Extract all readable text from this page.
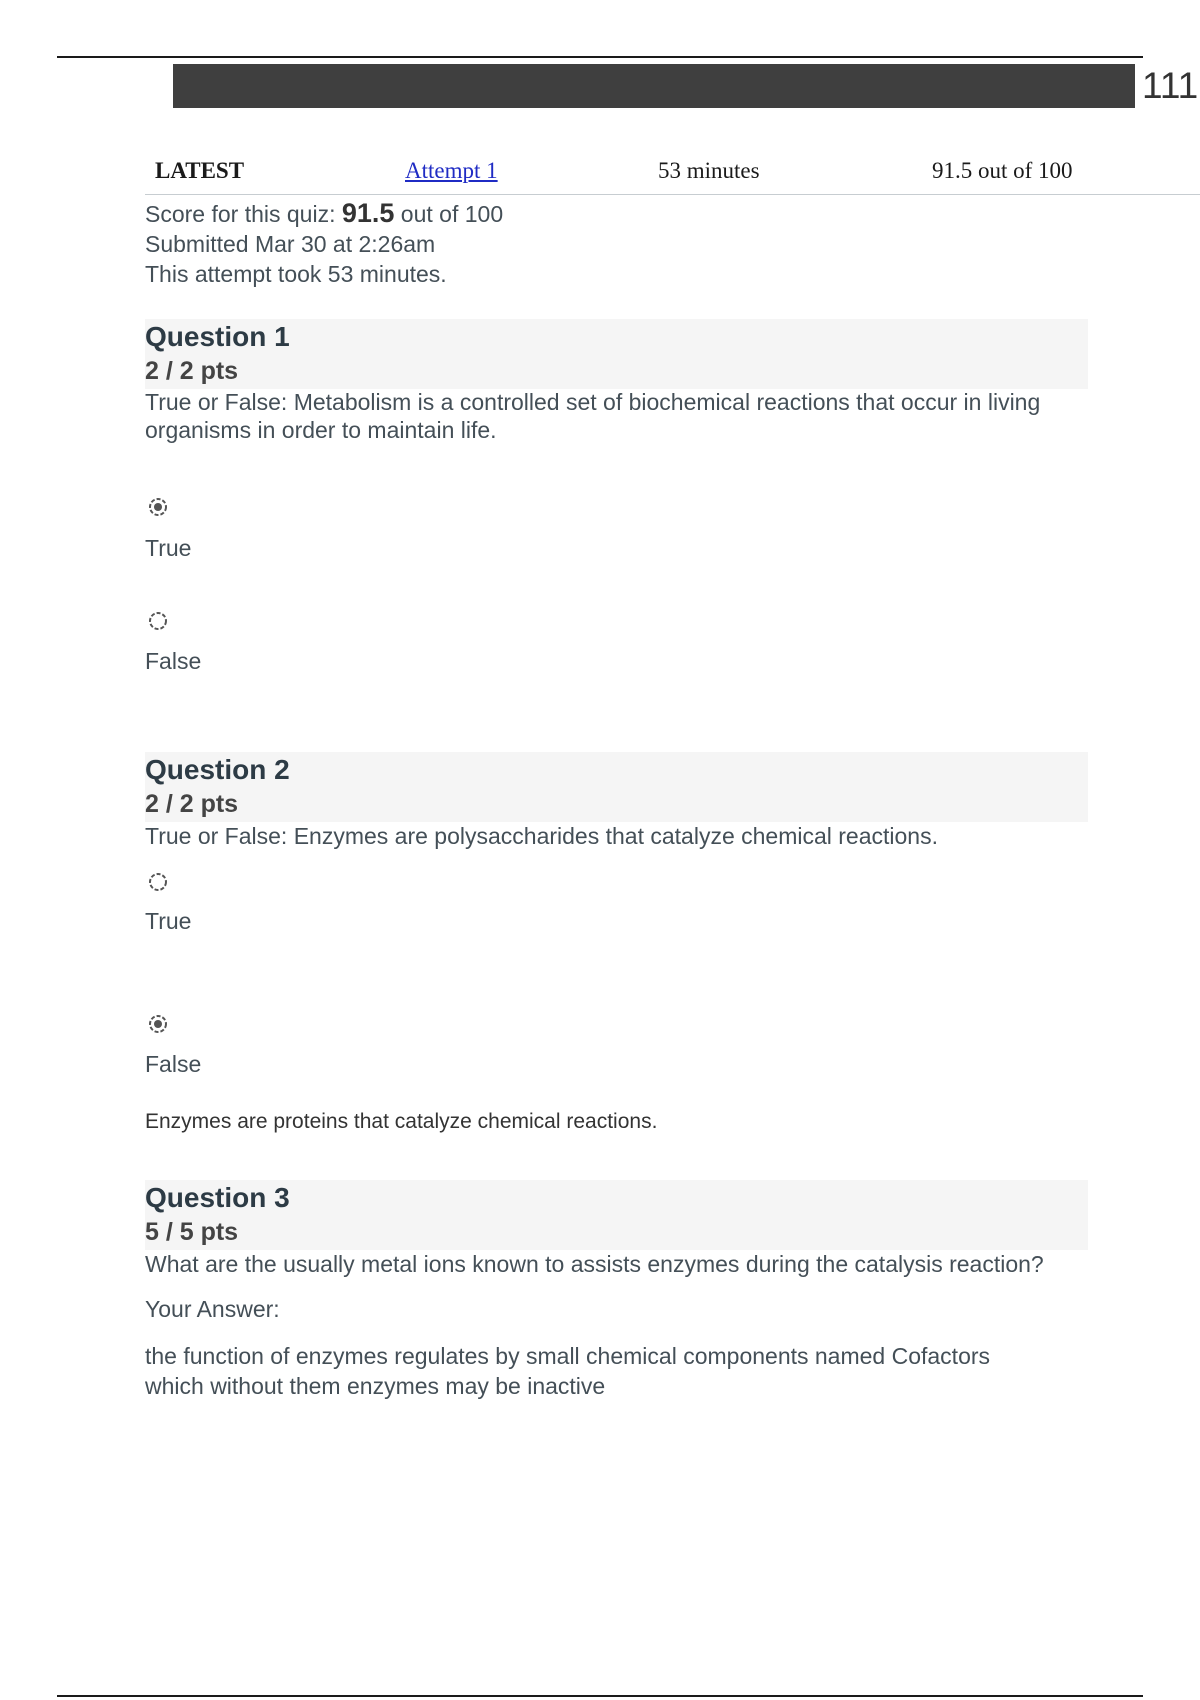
111
LATEST	Attempt 1	53 minutes	91.5 out of 100
Score for this quiz: 91.5 out of 100
Submitted Mar 30 at 2:26am
This attempt took 53 minutes.
Question 1
2 / 2 pts
True or False: Metabolism is a controlled set of biochemical reactions that occur in living organisms in order to maintain life.
True
False
Question 2
2 / 2 pts
True or False: Enzymes are polysaccharides that catalyze chemical reactions.
True
False
Enzymes are proteins that catalyze chemical reactions.
Question 3
5 / 5 pts
What are the usually metal ions known to assists enzymes during the catalysis reaction?
Your Answer:
the function of enzymes regulates by small chemical components named Cofactors which without them enzymes may be inactive
